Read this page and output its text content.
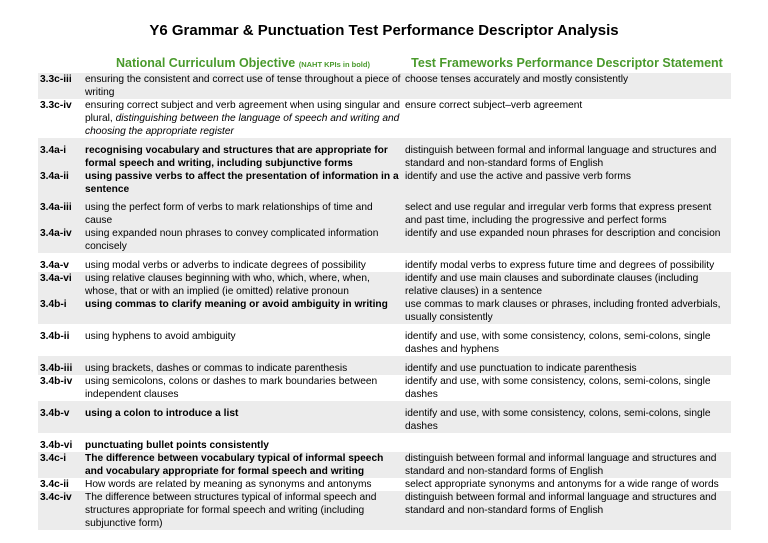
Y6 Grammar & Punctuation Test Performance Descriptor Analysis
	National Curriculum Objective (NAHT KPIs in bold)	Test Frameworks Performance Descriptor Statement
3.3c-iii	ensuring the consistent and correct use of tense throughout a piece of writing	choose tenses accurately and mostly consistently
3.3c-iv	ensuring correct subject and verb agreement when using singular and plural, distinguishing between the language of speech and writing and choosing the appropriate register	ensure correct subject–verb agreement
3.4a-i	recognising vocabulary and structures that are appropriate for formal speech and writing, including subjunctive forms	distinguish between formal and informal language and structures and standard and non-standard forms of English
3.4a-ii	using passive verbs to affect the presentation of information in a sentence	identify and use the active and passive verb forms
3.4a-iii	using the perfect form of verbs to mark relationships of time and cause	select and use regular and irregular verb forms that express present and past time, including the progressive and perfect forms
3.4a-iv	using expanded noun phrases to convey complicated information concisely	identify and use expanded noun phrases for description and concision
3.4a-v	using modal verbs or adverbs to indicate degrees of possibility	identify modal verbs to express future time and degrees of possibility
3.4a-vi	using relative clauses beginning with who, which, where, when, whose, that or with an implied (ie omitted) relative pronoun	identify and use main clauses and subordinate clauses (including relative clauses) in a sentence
3.4b-i	using commas to clarify meaning or avoid ambiguity in writing	use commas to mark clauses or phrases, including fronted adverbials, usually consistently
3.4b-ii	using hyphens to avoid ambiguity	identify and use, with some consistency, colons, semi-colons, single dashes and hyphens
3.4b-iii	using brackets, dashes or commas to indicate parenthesis	identify and use punctuation to indicate parenthesis
3.4b-iv	using semicolons, colons or dashes to mark boundaries between independent clauses	identify and use, with some consistency, colons, semi-colons, single dashes
3.4b-v	using a colon to introduce a list	identify and use, with some consistency, colons, semi-colons, single dashes
3.4b-vi	punctuating bullet points consistently	
3.4c-i	The difference between vocabulary typical of informal speech and vocabulary appropriate for formal speech and writing	distinguish between formal and informal language and structures and standard and non-standard forms of English
3.4c-ii	How words are related by meaning as synonyms and antonyms	select appropriate synonyms and antonyms for a wide range of words
3.4c-iv	The difference between structures typical of informal speech and structures appropriate for formal speech and writing (including subjunctive form)	distinguish between formal and informal language and structures and standard and non-standard forms of English
